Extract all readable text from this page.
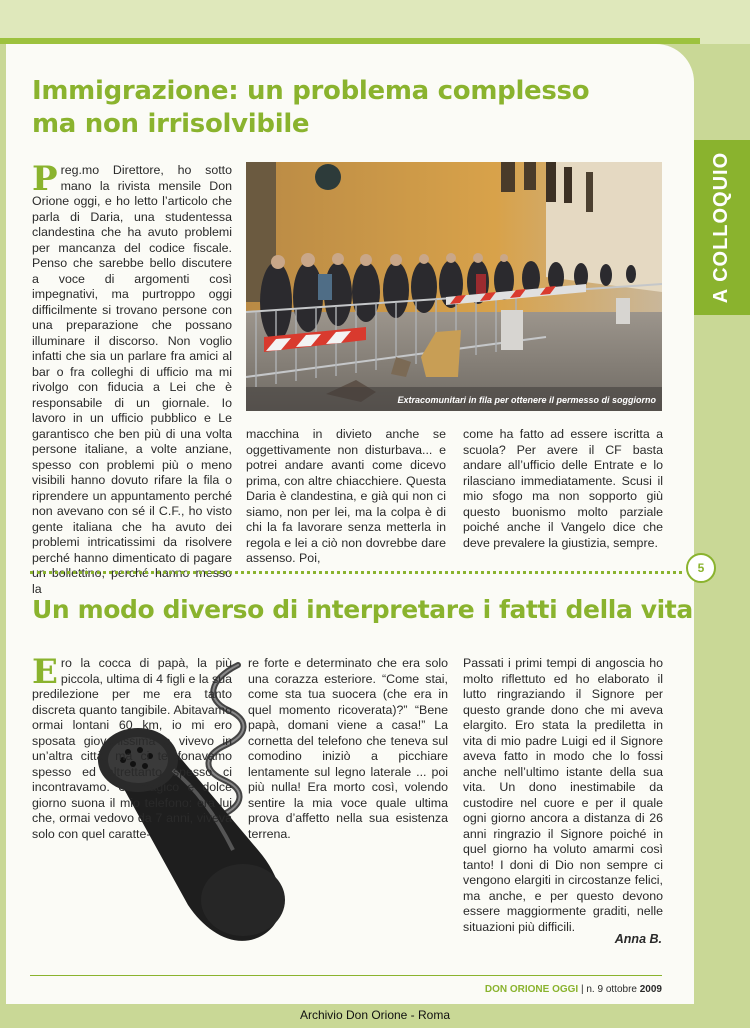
A COLLOQUIO
Immigrazione: un problema complesso
ma non irrisolvibile
Preg.mo Direttore, ho sotto mano la rivista mensile Don Orione oggi, e ho letto l’articolo che parla di Daria, una studentessa clandestina che ha avuto problemi per mancanza del codice fiscale. Penso che sarebbe bello discutere a voce di argomenti così impegnativi, ma purtroppo oggi difficilmente si trovano persone con una preparazione che possano illuminare il discorso. Non voglio infatti che sia un parlare fra amici al bar o fra colleghi di ufficio ma mi rivolgo con fiducia a Lei che è responsabile di un giornale. Io lavoro in un ufficio pubblico e Le garantisco che ben più di una volta persone italiane, a volte anziane, spesso con problemi più o meno visibili hanno dovuto rifare la fila o riprendere un appuntamento perché non avevano con sé il C.F., ho visto gente italiana che ha avuto dei problemi intricatissimi da risolvere perché hanno dimenticato di pagare un bollettino, perché hanno messo la
Extracomunitari in fila per ottenere il permesso di soggiorno
macchina in divieto anche se oggettivamente non disturbava... e potrei andare avanti come dicevo prima, con altre chiacchiere. Questa Daria è clandestina, e già qui non ci siamo, non per lei, ma la colpa è di chi la fa lavorare senza metterla in regola e lei a ciò non dovrebbe dare assenso. Poi,
come ha fatto ad essere iscritta a scuola? Per avere il CF basta andare all’ufficio delle Entrate e lo rilasciano immediatamente. Scusi il mio sfogo ma non sopporto giù questo buonismo molto parziale poiché anche il Vangelo dice che deve prevalere la giustizia, sempre.
5
Un modo diverso di interpretare i fatti della vita
Ero la cocca di papà, la più piccola, ultima di 4 figli e la sua predilezione per me era tanto discreta quanto tangibile. Abitavamo ormai lontani 60 km, io mi ero sposata giovanissima e vivevo in un’altra città, ma ci telefonavamo spesso ed altrettanto spesso ci incontravamo. Un tragico e dolce giorno suona il mio telefono: era lui che, ormai vedovo da 7 anni, viveva solo con quel caratte-
re forte e determinato che era solo una corazza esteriore. “Come stai, come sta tua suocera (che era in quel momento ricoverata)?” “Bene papà, domani viene a casa!” La cornetta del telefono che teneva sul comodino iniziò a picchiare lentamente sul legno laterale ... poi più nulla! Era morto così, volendo sentire la mia voce quale ultima prova d’affetto nella sua esistenza terrena.
Passati i primi tempi di angoscia ho molto riflettuto ed ho elaborato il lutto ringraziando il Signore per questo grande dono che mi aveva elargito. Ero stata la prediletta in vita di mio padre Luigi ed il Signore aveva fatto in modo che lo fossi anche nell’ultimo istante della sua vita. Un dono inestimabile da custodire nel cuore e per il quale ogni giorno ancora a distanza di 26 anni ringrazio il Signore poiché in quel giorno ha voluto amarmi così tanto! I doni di Dio non sempre ci vengono elargiti in circostanze felici, ma anche, e per questo devono essere maggiormente graditi, nelle situazioni più difficili.
Anna B.
DON ORIONE OGGI | n. 9 ottobre 2009
Archivio Don Orione - Roma
